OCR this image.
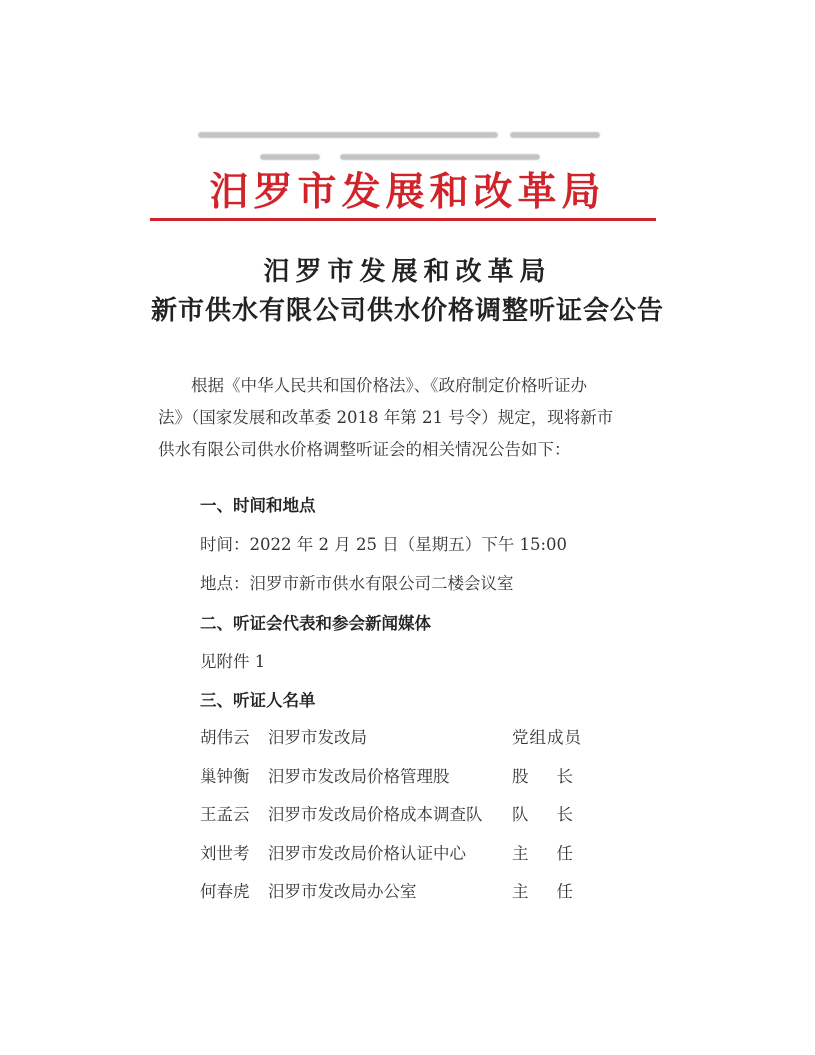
汨罗市发展和改革局
汨罗市发展和改革局
新市供水有限公司供水价格调整听证会公告
根据《中华人民共和国价格法》、《政府制定价格听证办
法》（国家发展和改革委 2018 年第 21 号令）规定，现将新市
供水有限公司供水价格调整听证会的相关情况公告如下：
一、时间和地点
时间：2022 年 2 月 25 日（星期五）下午 15:00
地点：汨罗市新市供水有限公司二楼会议室
二、听证会代表和参会新闻媒体
见附件 1
三、听证人名单
胡伟云 汨罗市发改局	党组成员
巢钟衡 汨罗市发改局价格管理股	股长
王孟云 汨罗市发改局价格成本调查队 队长
刘世考 汨罗市发改局价格认证中心	主任
何春虎 汨罗市发改局办公室	主任
